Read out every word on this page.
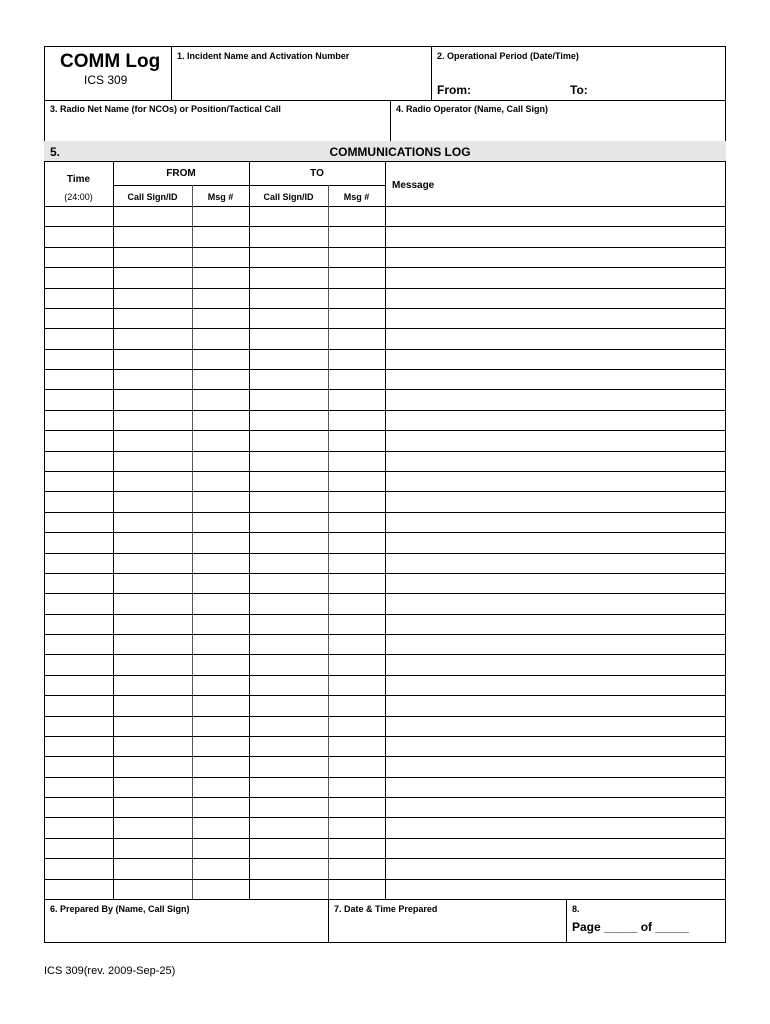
COMM Log
ICS 309
1. Incident Name and Activation Number	2. Operational Period (Date/Time)
From:	To:
3. Radio Net Name (for NCOs) or Position/Tactical Call	4. Radio Operator (Name, Call Sign)
5.	COMMUNICATIONS LOG
Time
(24:00)
FROM
Call Sign/ID	Msg #
TO
Call Sign/ID	Msg #
Message
6. Prepared By (Name, Call Sign)	7. Date & Time Prepared	8.
Page _____ of _____
ICS 309(rev. 2009-Sep-25)
